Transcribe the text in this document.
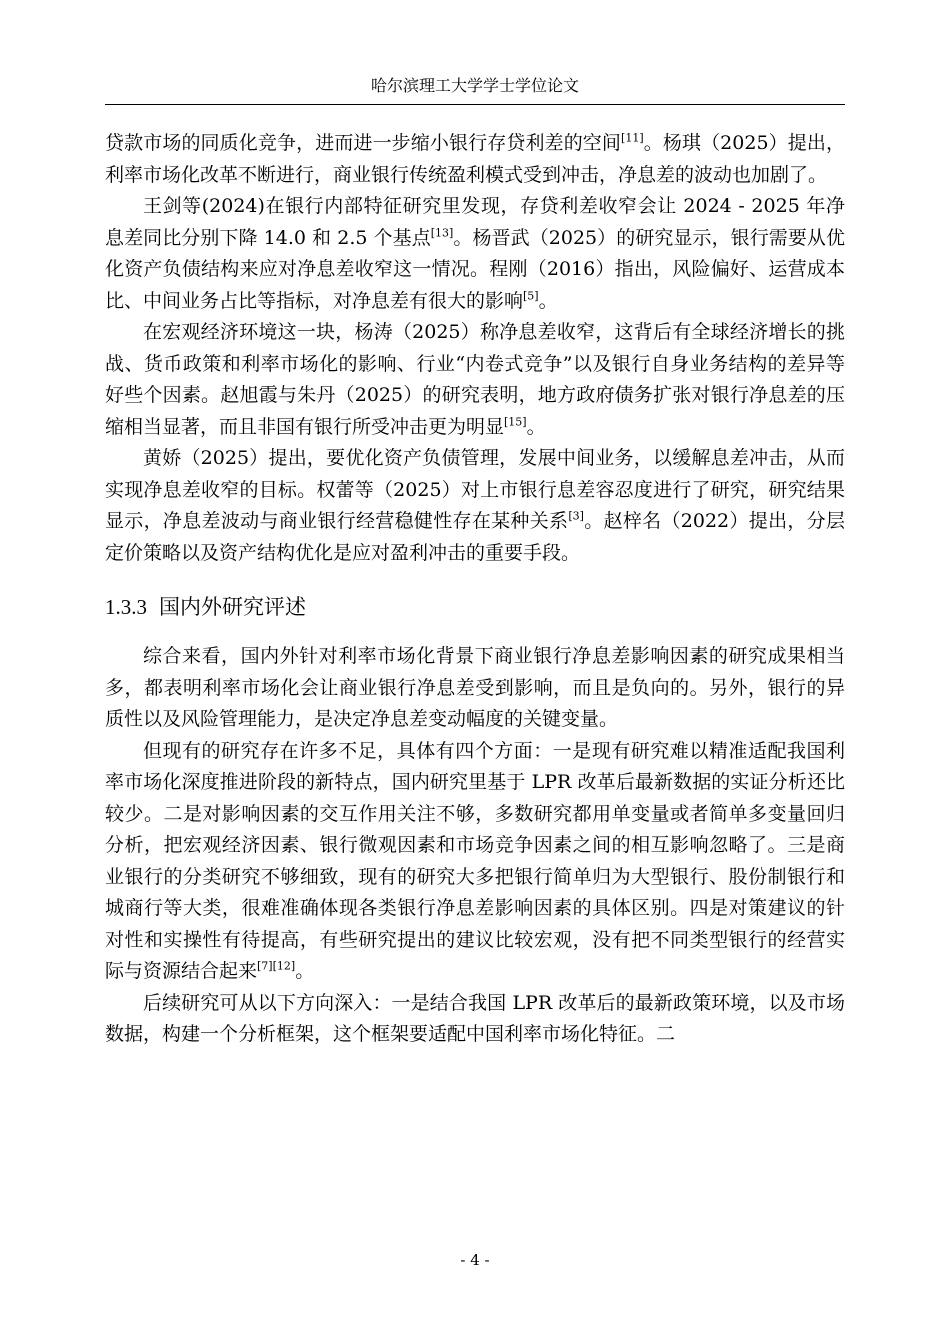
哈尔滨理工大学学士学位论文

贷款市场的同质化竞争，进而进一步缩小银行存贷利差的空间[11]。杨琪（2025）提出，利率市场化改革不断进行，商业银行传统盈利模式受到冲击，净息差的波动也加剧了。

王剑等(2024)在银行内部特征研究里发现，存贷利差收窄会让 2024 - 2025 年净息差同比分别下降 14.0 和 2.5 个基点[13]。杨晋武（2025）的研究显示，银行需要从优化资产负债结构来应对净息差收窄这一情况。程刚（2016）指出，风险偏好、运营成本比、中间业务占比等指标，对净息差有很大的影响[5]。

在宏观经济环境这一块，杨涛（2025）称净息差收窄，这背后有全球经济增长的挑战、货币政策和利率市场化的影响、行业“内卷式竞争”以及银行自身业务结构的差异等好些个因素。赵旭霞与朱丹（2025）的研究表明，地方政府债务扩张对银行净息差的压缩相当显著，而且非国有银行所受冲击更为明显[15]。

黄娇（2025）提出，要优化资产负债管理，发展中间业务，以缓解息差冲击，从而实现净息差收窄的目标。权蕾等（2025）对上市银行息差容忍度进行了研究，研究结果显示，净息差波动与商业银行经营稳健性存在某种关系[3]。赵梓名（2022）提出，分层定价策略以及资产结构优化是应对盈利冲击的重要手段。

1.3.3 国内外研究评述

综合来看，国内外针对利率市场化背景下商业银行净息差影响因素的研究成果相当多，都表明利率市场化会让商业银行净息差受到影响，而且是负向的。另外，银行的异质性以及风险管理能力，是决定净息差变动幅度的关键变量。

但现有的研究存在许多不足，具体有四个方面：一是现有研究难以精准适配我国利率市场化深度推进阶段的新特点，国内研究里基于 LPR 改革后最新数据的实证分析还比较少。二是对影响因素的交互作用关注不够，多数研究都用单变量或者简单多变量回归分析，把宏观经济因素、银行微观因素和市场竞争因素之间的相互影响忽略了。三是商业银行的分类研究不够细致，现有的研究大多把银行简单归为大型银行、股份制银行和城商行等大类，很难准确体现各类银行净息差影响因素的具体区别。四是对策建议的针对性和实操性有待提高，有些研究提出的建议比较宏观，没有把不同类型银行的经营实际与资源结合起来[7][12]。

后续研究可从以下方向深入：一是结合我国 LPR 改革后的最新政策环境，以及市场数据，构建一个分析框架，这个框架要适配中国利率市场化特征。二

- 4 -
